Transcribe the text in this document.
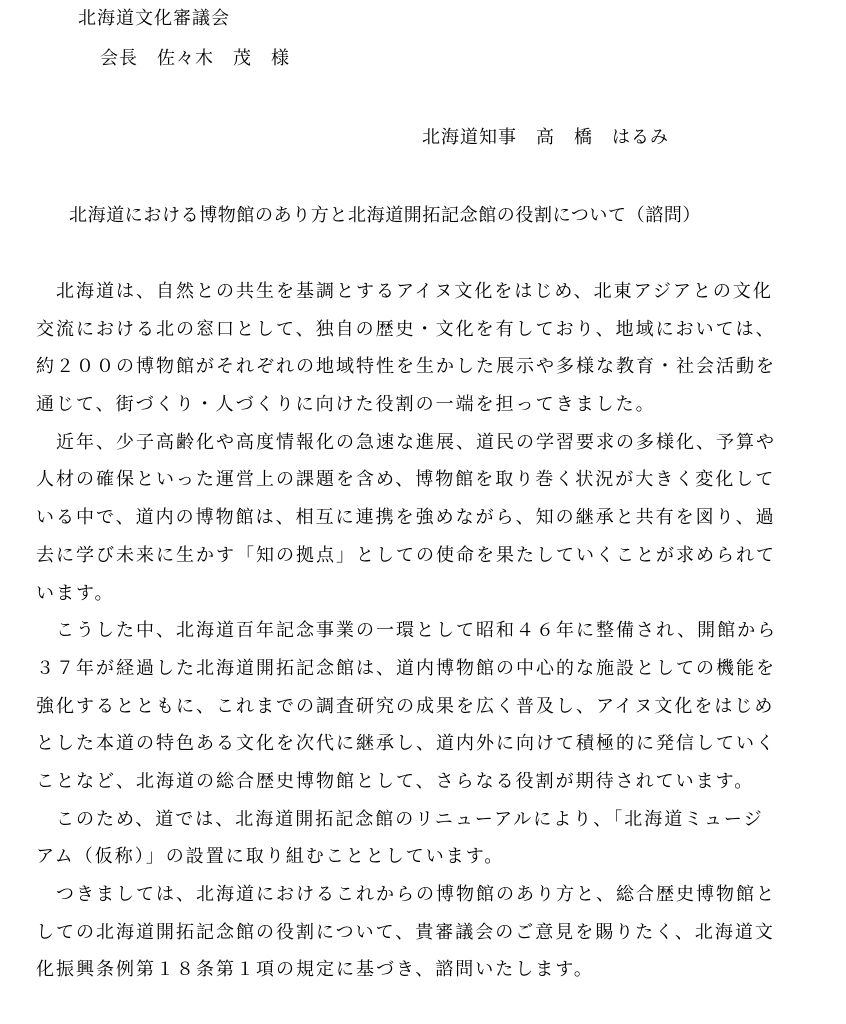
北海道文化審議会
会長　佐々木　茂　様
北海道知事　高　橋　はるみ
北海道における博物館のあり方と北海道開拓記念館の役割について（諮問）
　北海道は、自然との共生を基調とするアイヌ文化をはじめ、北東アジアとの文化
交流における北の窓口として、独自の歴史・文化を有しており、地域においては、
約２００の博物館がそれぞれの地域特性を生かした展示や多様な教育・社会活動を
通じて、街づくり・人づくりに向けた役割の一端を担ってきました。
　近年、少子高齢化や高度情報化の急速な進展、道民の学習要求の多様化、予算や
人材の確保といった運営上の課題を含め、博物館を取り巻く状況が大きく変化して
いる中で、道内の博物館は、相互に連携を強めながら、知の継承と共有を図り、過
去に学び未来に生かす「知の拠点」としての使命を果たしていくことが求められて
います。
　こうした中、北海道百年記念事業の一環として昭和４６年に整備され、開館から
３７年が経過した北海道開拓記念館は、道内博物館の中心的な施設としての機能を
強化するとともに、これまでの調査研究の成果を広く普及し、アイヌ文化をはじめ
とした本道の特色ある文化を次代に継承し、道内外に向けて積極的に発信していく
ことなど、北海道の総合歴史博物館として、さらなる役割が期待されています。
　このため、道では、北海道開拓記念館のリニューアルにより、「北海道ミュージ
アム（仮称）」の設置に取り組むこととしています。
　つきましては、北海道におけるこれからの博物館のあり方と、総合歴史博物館と
しての北海道開拓記念館の役割について、貴審議会のご意見を賜りたく、北海道文
化振興条例第１８条第１項の規定に基づき、諮問いたします。
